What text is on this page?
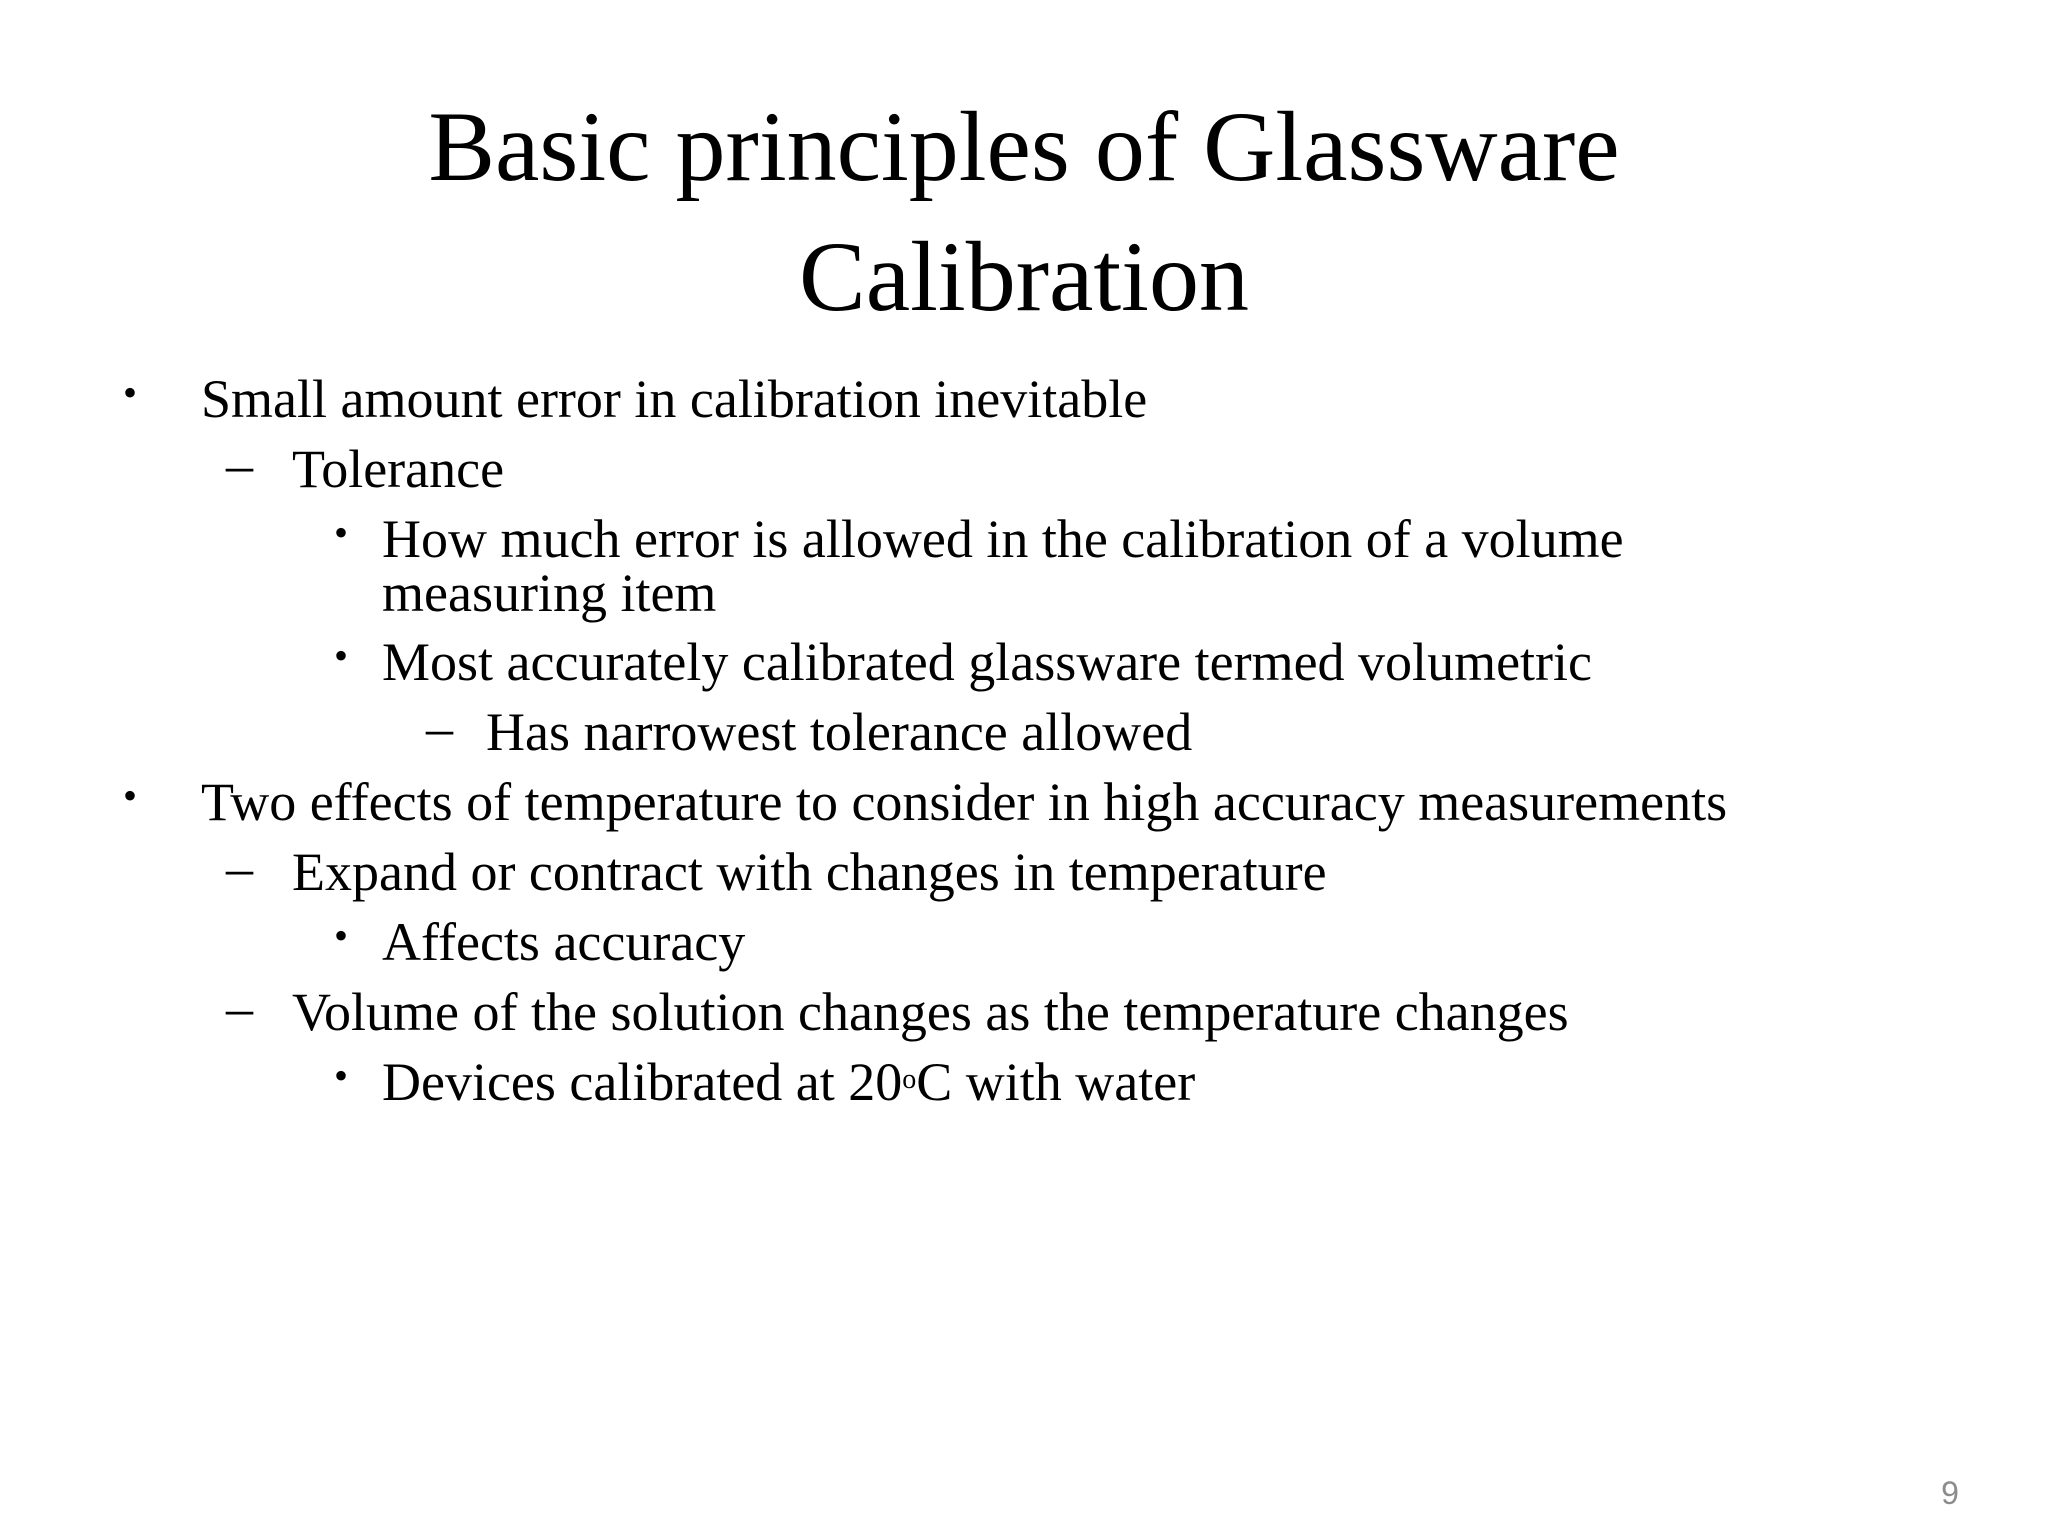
Basic principles of Glassware
Calibration
• Small amount error in calibration inevitable
– Tolerance
• How much error is allowed in the calibration of a volume
measuring item
• Most accurately calibrated glassware termed volumetric
– Has narrowest tolerance allowed
• Two effects of temperature to consider in high accuracy measurements
– Expand or contract with changes in temperature
• Affects accuracy
– Volume of the solution changes as the temperature changes
• Devices calibrated at 20$^o$C with water
9
